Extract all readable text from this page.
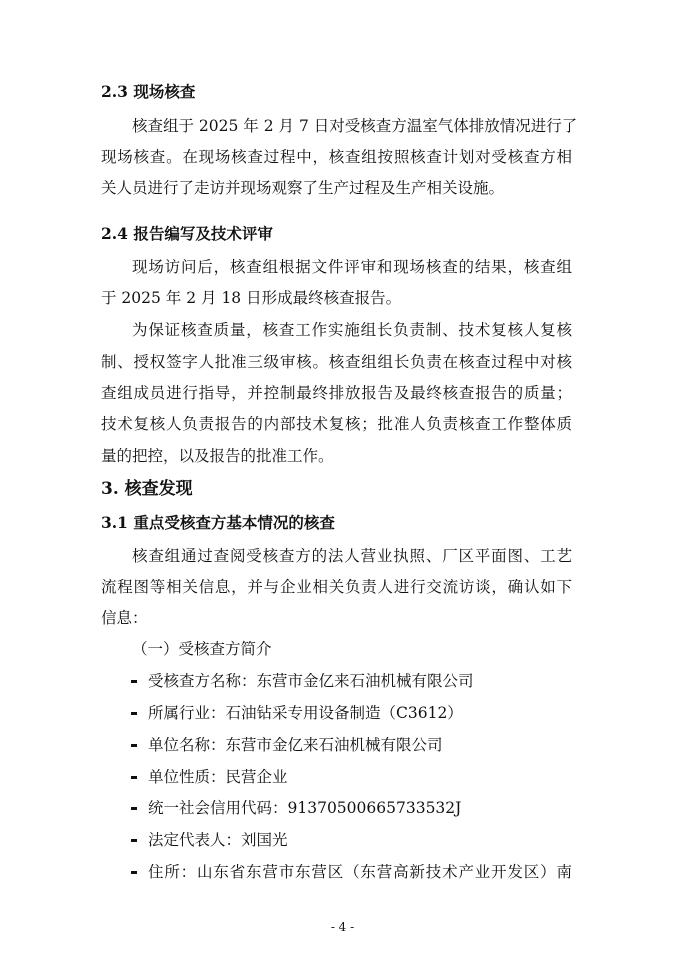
2.3 现场核查
核查组于 2025 年 2 月 7 日对受核查方温室气体排放情况进行了
现场核查。在现场核查过程中，核查组按照核查计划对受核查方相
关人员进行了走访并现场观察了生产过程及生产相关设施。
2.4 报告编写及技术评审
现场访问后，核查组根据文件评审和现场核查的结果，核查组
于 2025 年 2 月 18 日形成最终核查报告。
为保证核查质量，核查工作实施组长负责制、技术复核人复核
制、授权签字人批准三级审核。核查组组长负责在核查过程中对核
查组成员进行指导，并控制最终排放报告及最终核查报告的质量；
技术复核人负责报告的内部技术复核；批准人负责核查工作整体质
量的把控，以及报告的批准工作。
3. 核查发现
3.1 重点受核查方基本情况的核查
核查组通过查阅受核查方的法人营业执照、厂区平面图、工艺
流程图等相关信息，并与企业相关负责人进行交流访谈，确认如下
信息：
（一）受核查方简介
受核查方名称：东营市金亿来石油机械有限公司
所属行业：石油钻采专用设备制造（C3612）
单位名称：东营市金亿来石油机械有限公司
单位性质：民营企业
统一社会信用代码：91370500665733532J
法定代表人：刘国光
住所：山东省东营市东营区（东营高新技术产业开发区）南
- 4 -
